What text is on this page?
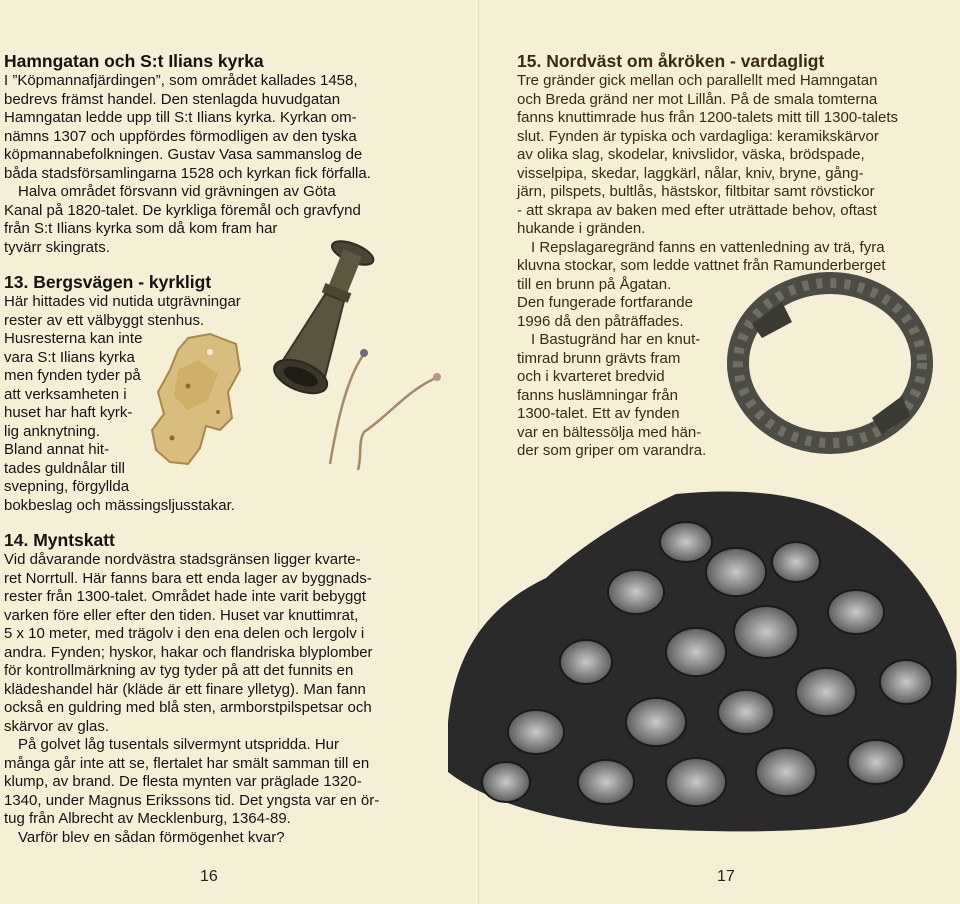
Hamngatan och S:t Ilians kyrka
I ”Köpmannafjärdingen”, som området kallades 1458,
bedrevs främst handel. Den stenlagda huvudgatan
Hamngatan ledde upp till S:t Ilians kyrka. Kyrkan om-
nämns 1307 och uppfördes förmodligen av den tyska
köpmannabefolkningen. Gustav Vasa sammanslog de
båda stadsförsamlingarna 1528 och kyrkan fick förfalla.
Halva området försvann vid grävningen av Göta
Kanal på 1820-talet. De kyrkliga föremål och gravfynd
från S:t Ilians kyrka som då kom fram har
tyvärr skingrats.
13. Bergsvägen - kyrkligt
Här hittades vid nutida utgrävningar
rester av ett välbyggt stenhus.
Husresterna kan inte
vara S:t Ilians kyrka
men fynden tyder på
att verksamheten i
huset har haft kyrk-
lig anknytning.
Bland annat hit-
tades guldnålar till
svepning, förgyllda
bokbeslag och mässingsljusstakar.
14. Myntskatt
Vid dåvarande nordvästra stadsgränsen ligger kvarte-
ret Norrtull. Här fanns bara ett enda lager av byggnads-
rester från 1300-talet. Området hade inte varit bebyggt
varken före eller efter den tiden. Huset var knuttimrat,
5 x 10 meter, med trägolv i den ena delen och lergolv i
andra. Fynden; hyskor, hakar och flandriska blyplomber
för kontrollmärkning av tyg tyder på att det funnits en
klädeshandel här (kläde är ett finare ylletyg). Man fann
också en guldring med blå sten, armborstpilspetsar och
skärvor av glas.
På golvet låg tusentals silvermynt utspridda. Hur
många går inte att se, flertalet har smält samman till en
klump, av brand. De flesta mynten var präglade 1320-
1340, under Magnus Erikssons tid. Det yngsta var en ör-
tug från Albrecht av Mecklenburg, 1364-89.
Varför blev en sådan förmögenhet kvar?
16
15. Nordväst om åkröken - vardagligt
Tre gränder gick mellan och parallellt med Hamngatan
och Breda gränd ner mot Lillån. På de smala tomterna
fanns knuttimrade hus från 1200-talets mitt till 1300-talets
slut. Fynden är typiska och vardagliga: keramikskärvor
av olika slag, skodelar, knivslidor, väska, brödspade,
visselpipa, skedar, laggkärl, nålar, kniv, bryne, gång-
järn, pilspets, bultlås, hästskor, filtbitar samt rövstickor
- att skrapa av baken med efter uträttade behov, oftast
hukande i gränden.
I Repslagaregränd fanns en vattenledning av trä, fyra
kluvna stockar, som ledde vattnet från Ramunderberget
till en brunn på Ågatan.
Den fungerade fortfarande
1996 då den påträffades.
I Bastugränd har en knut-
timrad brunn grävts fram
och i kvarteret bredvid
fanns huslämningar från
1300-talet. Ett av fynden
var en bältessölja med hän-
der som griper om varandra.
17
